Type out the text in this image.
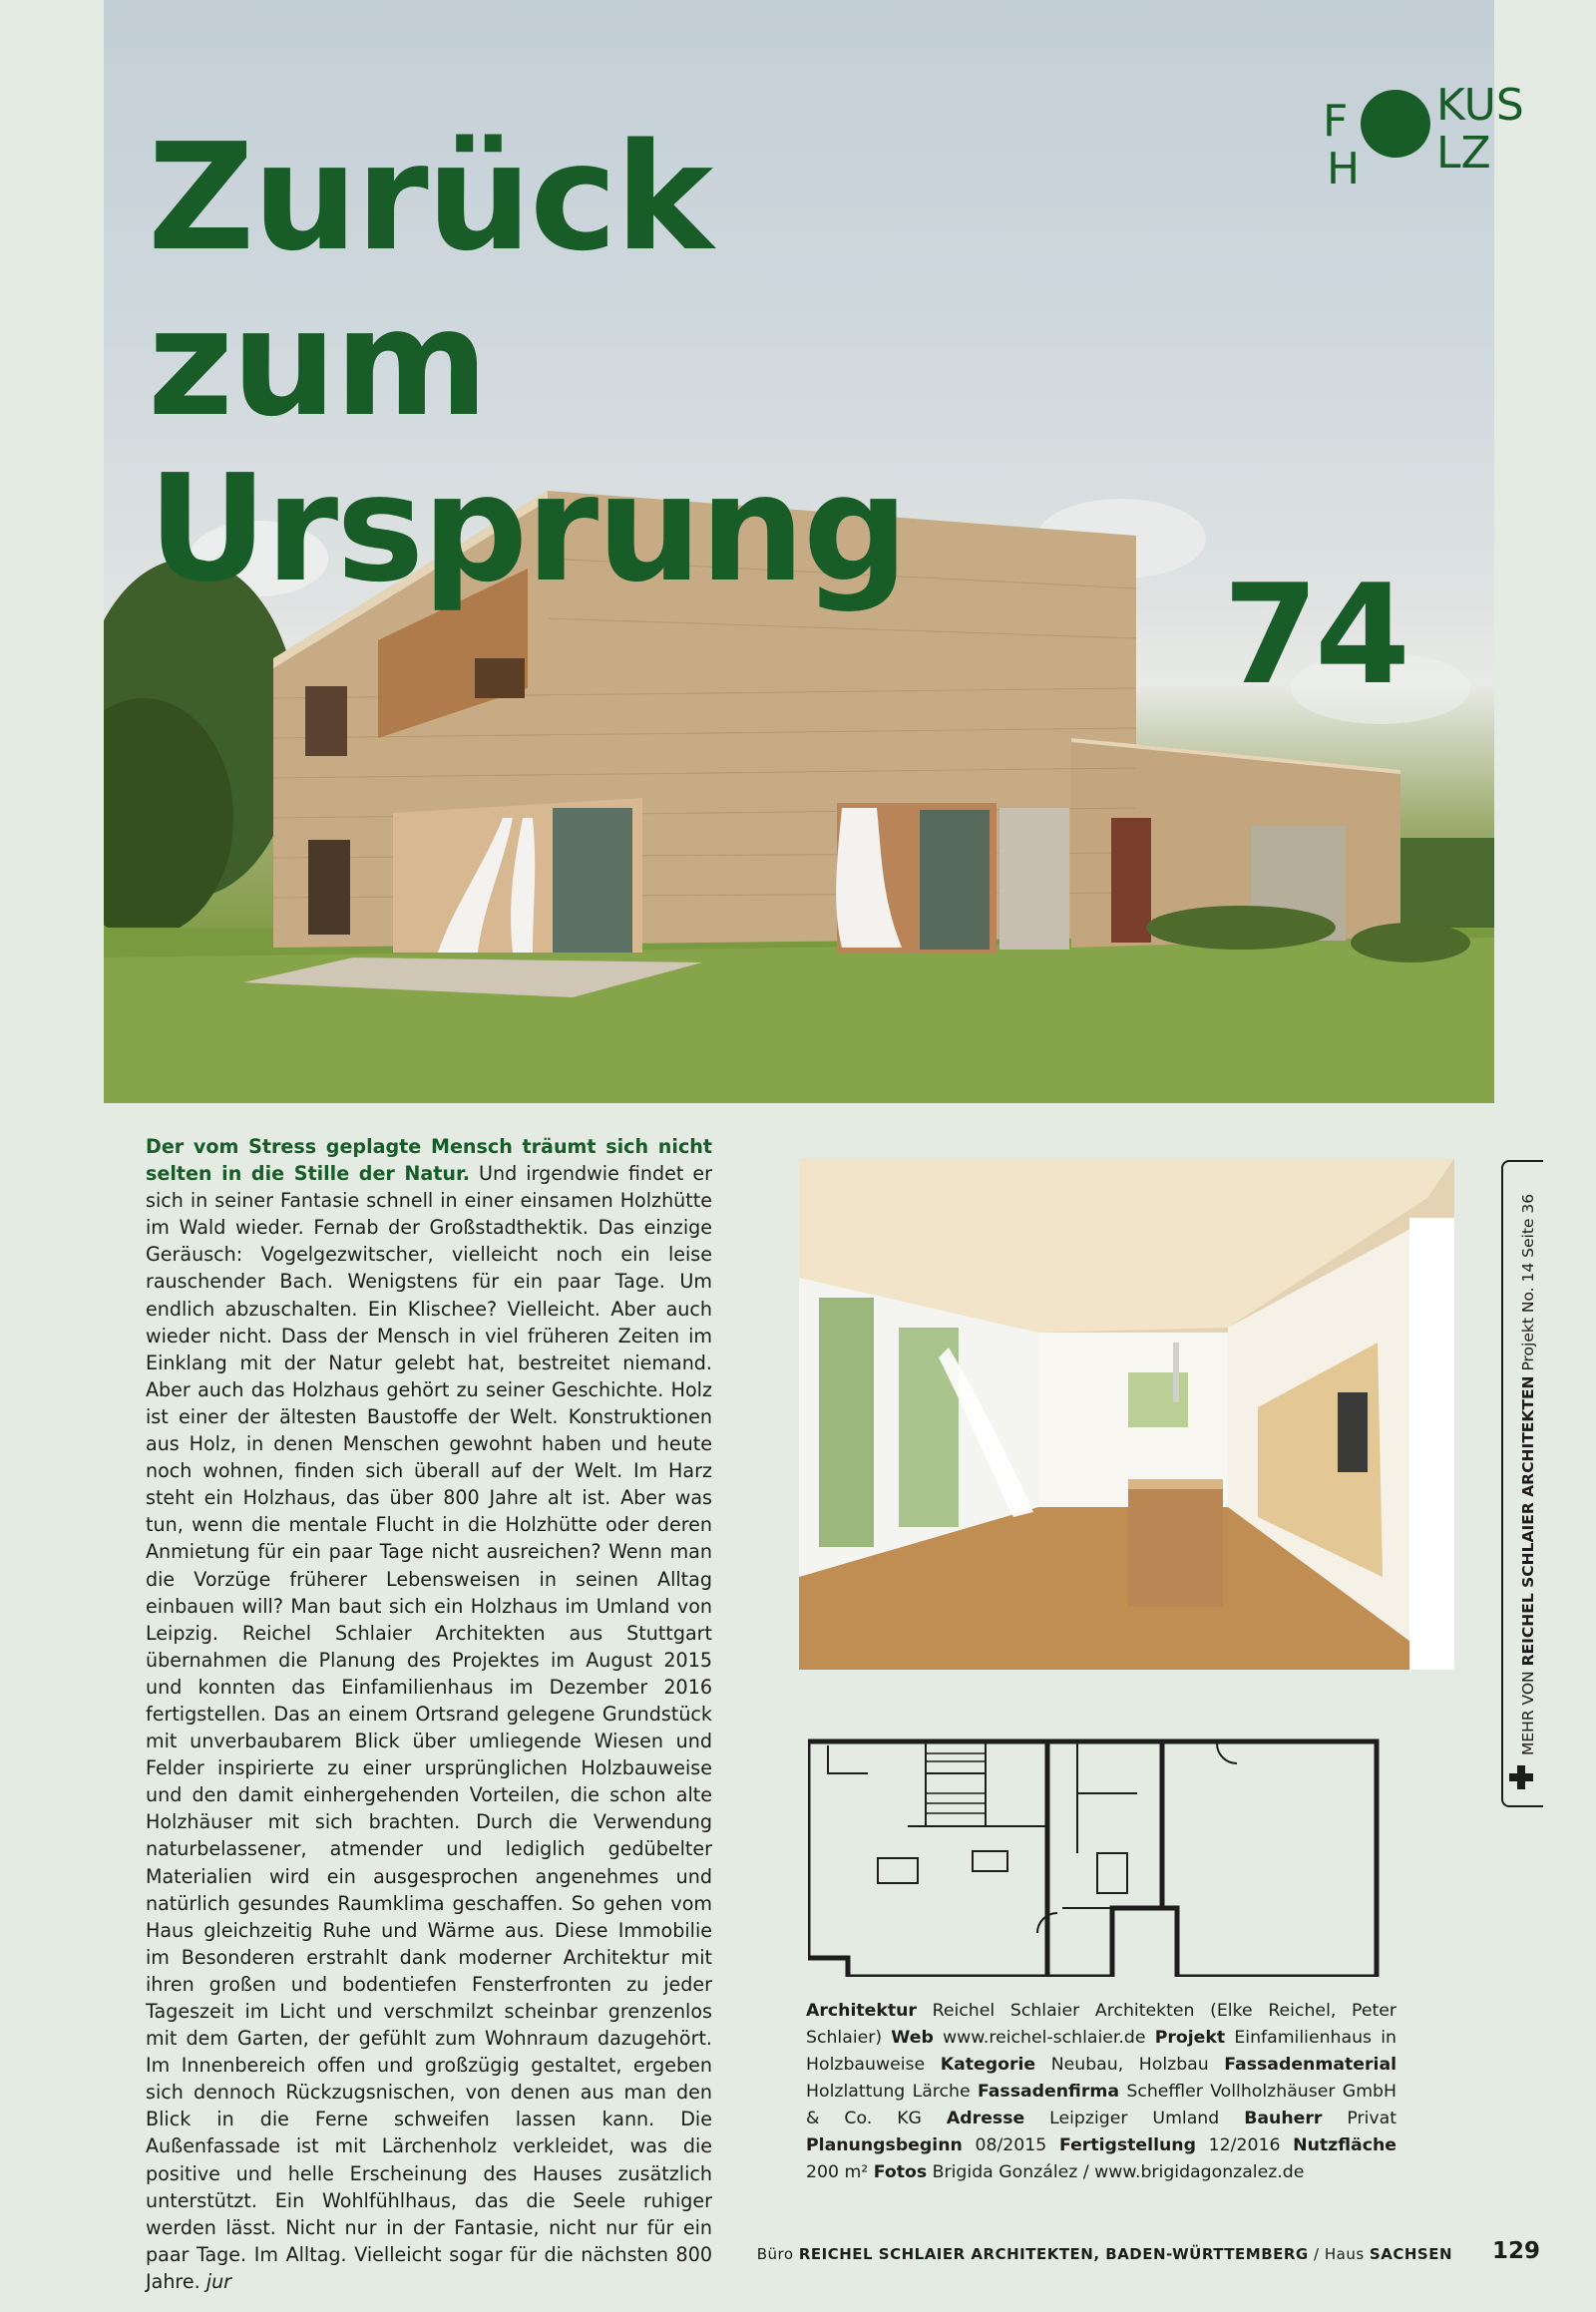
Zurück zum
Ursprung
74
F KUS
H LZ

Der vom Stress geplagte Mensch träumt sich nicht selten in die Stille der Natur. Und irgendwie findet er sich in seiner Fantasie schnell in einer einsamen Holzhütte im Wald wieder. Fernab der Großstadthektik. Das einzige Geräusch: Vogelgezwitscher, vielleicht noch ein leise rauschender Bach. Wenigstens für ein paar Tage. Um endlich abzuschalten. Ein Klischee? Vielleicht. Aber auch wieder nicht. Dass der Mensch in viel früheren Zeiten im Einklang mit der Natur gelebt hat, bestreitet niemand. Aber auch das Holzhaus gehört zu seiner Geschichte. Holz ist einer der ältesten Baustoffe der Welt. Konstruktionen aus Holz, in denen Menschen gewohnt haben und heute noch wohnen, finden sich überall auf der Welt. Im Harz steht ein Holzhaus, das über 800 Jahre alt ist. Aber was tun, wenn die mentale Flucht in die Holzhütte oder deren Anmietung für ein paar Tage nicht ausreichen? Wenn man die Vorzüge früherer Lebensweisen in seinen Alltag einbauen will? Man baut sich ein Holzhaus im Umland von Leipzig. Reichel Schlaier Architekten aus Stuttgart übernahmen die Planung des Projektes im August 2015 und konnten das Einfamilienhaus im Dezember 2016 fertigstellen. Das an einem Ortsrand gelegene Grundstück mit unverbaubarem Blick über umliegende Wiesen und Felder inspirierte zu einer ursprünglichen Holzbauweise und den damit einhergehenden Vorteilen, die schon alte Holzhäuser mit sich brachten. Durch die Verwendung naturbelassener, atmender und lediglich gedübelter Materialien wird ein ausgesprochen angenehmes und natürlich gesundes Raumklima geschaffen. So gehen vom Haus gleichzeitig Ruhe und Wärme aus. Diese Immobilie im Besonderen erstrahlt dank moderner Architektur mit ihren großen und bodentiefen Fensterfronten zu jeder Tageszeit im Licht und verschmilzt scheinbar grenzenlos mit dem Garten, der gefühlt zum Wohnraum dazugehört. Im Innenbereich offen und großzügig gestaltet, ergeben sich dennoch Rückzugsnischen, von denen aus man den Blick in die Ferne schweifen lassen kann. Die Außenfassade ist mit Lärchenholz verkleidet, was die positive und helle Erscheinung des Hauses zusätzlich unterstützt. Ein Wohlfühlhaus, das die Seele ruhiger werden lässt. Nicht nur in der Fantasie, nicht nur für ein paar Tage. Im Alltag. Vielleicht sogar für die nächsten 800 Jahre. jur

Architektur Reichel Schlaier Architekten (Elke Reichel, Peter Schlaier) Web www.reichel-schlaier.de Projekt Einfamilienhaus in Holzbauweise Kategorie Neubau, Holzbau Fassadenmaterial Holzlattung Lärche Fassadenfirma Scheffler Vollholzhäuser GmbH & Co. KG Adresse Leipziger Umland Bauherr Privat Planungsbeginn 08/2015 Fertigstellung 12/2016 Nutzfläche 200 m² Fotos Brigida González / www.brigidagonzalez.de

MEHR VON REICHEL SCHLAIER ARCHITEKTEN Projekt No. 14 Seite 36
Büro REICHEL SCHLAIER ARCHITEKTEN, BADEN-WÜRTTEMBERG / Haus SACHSEN 129
